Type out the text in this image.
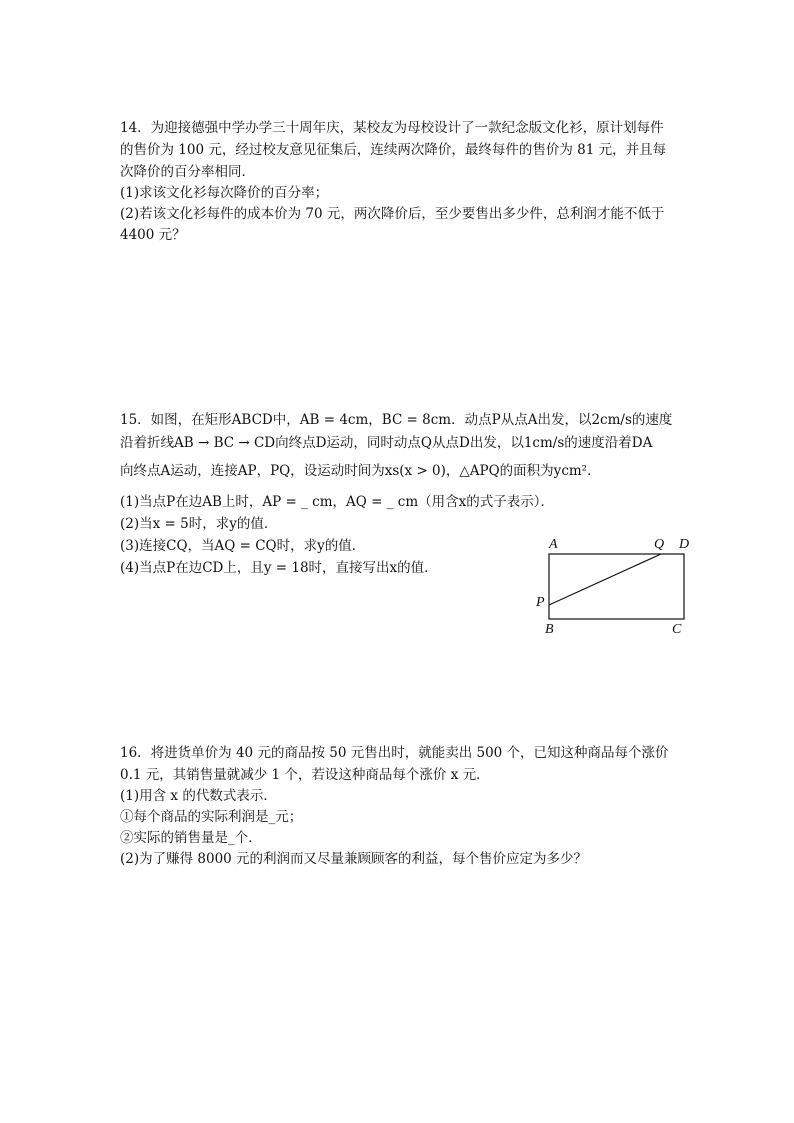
14．为迎接德强中学办学三十周年庆，某校友为母校设计了一款纪念版文化衫，原计划每件
的售价为 100 元，经过校友意见征集后，连续两次降价，最终每件的售价为 81 元，并且每
次降价的百分率相同．
(1)求该文化衫每次降价的百分率；
(2)若该文化衫每件的成本价为 70 元，两次降价后，至少要售出多少件，总利润才能不低于
4400 元？
15．如图，在矩形ABCD中，AB = 4cm，BC = 8cm．动点P从点A出发，以2cm/s的速度
沿着折线AB → BC → CD向终点D运动，同时动点Q从点D出发，以1cm/s的速度沿着DA
向终点A运动，连接AP，PQ，设运动时间为xs(x > 0)，△APQ的面积为ycm²．
(1)当点P在边AB上时，AP = _ cm，AQ = _ cm（用含x的式子表示）．
(2)当x = 5时，求y的值．
(3)连接CQ，当AQ = CQ时，求y的值．
(4)当点P在边CD上，且y = 18时，直接写出x的值．
A	Q D
P
B	C
16．将进货单价为 40 元的商品按 50 元售出时，就能卖出 500 个，已知这种商品每个涨价
0.1 元，其销售量就减少 1 个，若设这种商品每个涨价 x 元．
(1)用含 x 的代数式表示．
①每个商品的实际利润是_元；
②实际的销售量是_个．
(2)为了赚得 8000 元的利润而又尽量兼顾顾客的利益，每个售价应定为多少？
